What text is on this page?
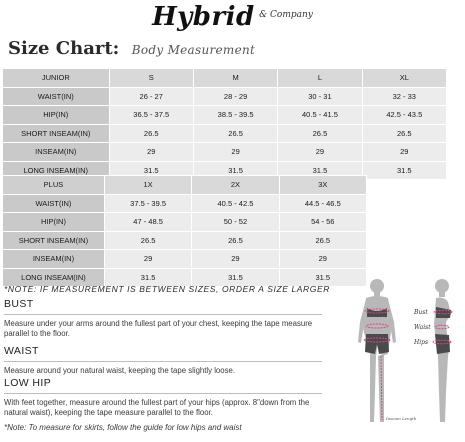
Hybrid $^{\& Company}$
Size Chart: Body Measurement
JUNIOR	S	M	L	XL
WAIST(IN)	26 - 27	28 - 29	30 - 31	32 - 33
HIP(IN)	36.5 - 37.5	38.5 - 39.5	40.5 - 41.5	42.5 - 43.5
SHORT INSEAM(IN)	26.5	26.5	26.5	26.5
INSEAM(IN)	29	29	29	29
LONG INSEAM(IN)	31.5	31.5	31.5	31.5
PLUS	1X	2X	3X
WAIST(IN)	37.5 - 39.5	40.5 - 42.5	44.5 - 46.5
HIP(IN)	47 - 48.5	50 - 52	54 - 56
SHORT INSEAM(IN)	26.5	26.5	26.5
INSEAM(IN)	29	29	29
LONG INSEAM(IN)	31.5	31.5	31.5
*NOTE: IF MEASUREMENT IS BETWEEN SIZES, ORDER A SIZE LARGER
BUST
Measure under your arms around the fullest part of your chest, keeping the tape measure parallel to the floor.
WAIST
Measure around your natural waist, keeping the tape slightly loose.
LOW HIP
With feet together, measure around the fullest part of your hips (approx. 8"down from the natural waist), keeping the tape measure parallel to the floor.
*Note: To measure for skirts, follow the guide for low hips and waist
Bust
Waist
Hips
Inseam Length
